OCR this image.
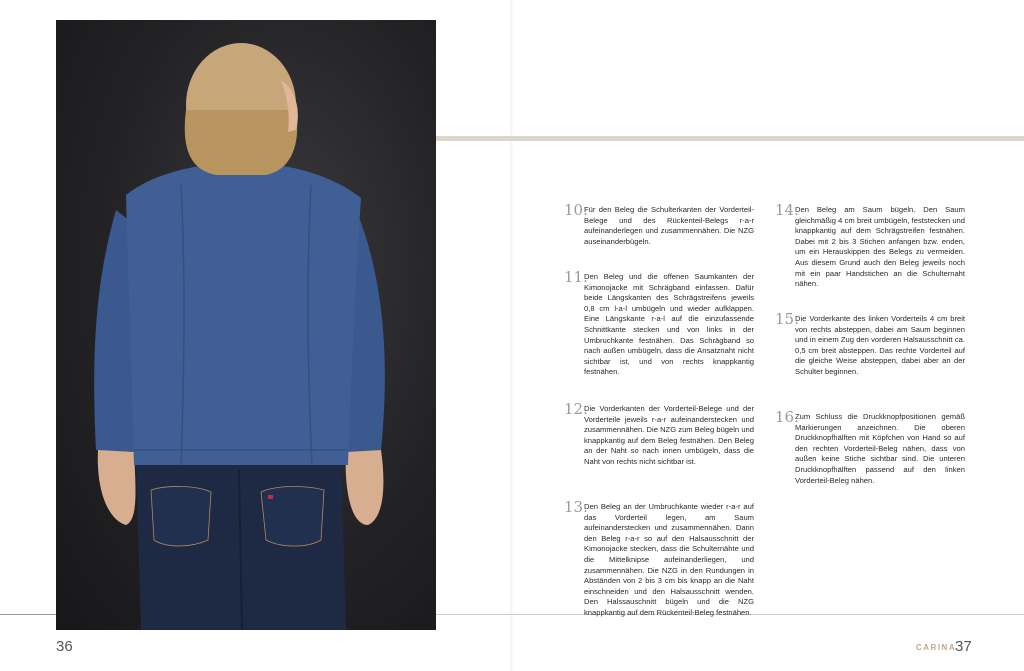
10.
Für den Beleg die Schulterkanten der Vorderteil-Belege und des Rückenteil-Belegs r-a-r aufeinanderlegen und zusammennähen. Die NZG auseinanderbügeln.
11.
Den Beleg und die offenen Saumkanten der Kimonojacke mit Schrägband einfassen. Dafür beide Längskanten des Schrägstreifens jeweils 0,8 cm l-a-l umbügeln und wieder aufklappen. Eine Längskante r-a-l auf die einzufassende Schnittkante stecken und von links in der Umbruchkante festnähen. Das Schrägband so nach außen umbügeln, dass die Ansatznaht nicht sichtbar ist, und von rechts knappkantig festnähen.
12.
Die Vorderkanten der Vorderteil-Belege und der Vorderteile jeweils r-a-r aufeinanderstecken und zusammennähen. Die NZG zum Beleg bügeln und knappkantig auf dem Beleg festnähen. Den Beleg an der Naht so nach innen umbügeln, dass die Naht von rechts nicht sichtbar ist.
13.
Den Beleg an der Umbruchkante wieder r-a-r auf das Vorderteil legen, am Saum aufeinanderstecken und zusammennähen. Dann den Beleg r-a-r so auf den Halsausschnitt der Kimonojacke stecken, dass die Schulternähte und die Mittelknipse aufeinanderliegen, und zusammennähen. Die NZG in den Rundungen in Abständen von 2 bis 3 cm bis knapp an die Naht einschneiden und den Halsausschnitt wenden. Den Halssauschnitt bügeln und die NZG knappkantig auf dem Rückenteil-Beleg festnähen.
14.
Den Beleg am Saum bügeln. Den Saum gleichmäßig 4 cm breit umbügeln, feststecken und knappkantig auf dem Schrägstreifen festnähen. Dabei mit 2 bis 3 Stichen anfangen bzw. enden, um ein Herauskippen des Belegs zu vermeiden. Aus diesem Grund auch den Beleg jeweils noch mit ein paar Handstichen an die Schulternaht nähen.
15.
Die Vorderkante des linken Vorderteils 4 cm breit von rechts absteppen, dabei am Saum beginnen und in einem Zug den vorderen Halsausschnitt ca. 0,5 cm breit absteppen. Das rechte Vorderteil auf die gleiche Weise absteppen, dabei aber an der Schulter beginnen.
16.
Zum Schluss die Druckknopfpositionen gemäß Markierungen anzeichnen. Die oberen Druckknopfhälften mit Köpfchen von Hand so auf den rechten Vorderteil-Beleg nähen, dass von außen keine Stiche sichtbar sind. Die unteren Druckknopfhälften passend auf den linken Vorderteil-Beleg nähen.
36	CARINA
37
